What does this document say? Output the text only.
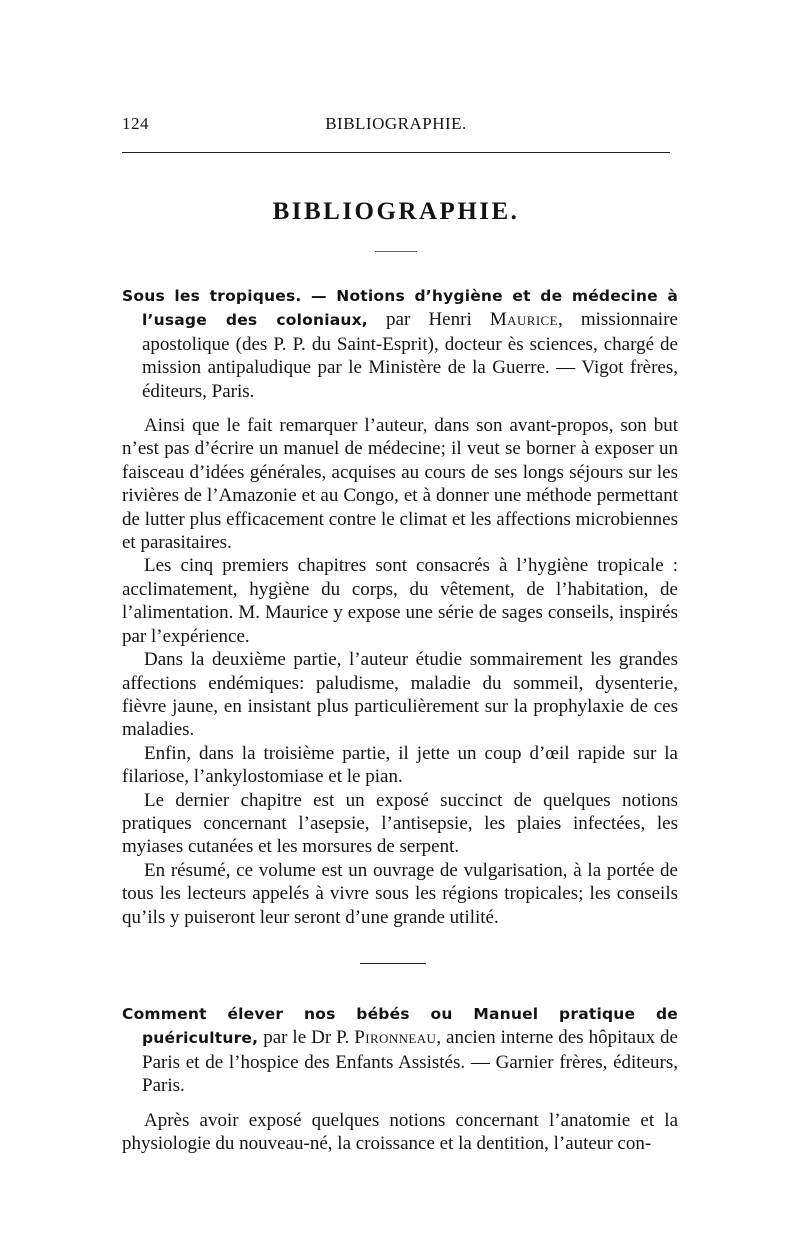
124	BIBLIOGRAPHIE.
BIBLIOGRAPHIE.

Sous les tropiques. — Notions d’hygiène et de médecine à l’usage des coloniaux, par Henri Maurice, missionnaire apostolique (des P. P. du Saint-Esprit), docteur ès sciences, chargé de mission antipaludique par le Ministère de la Guerre. — Vigot frères, éditeurs, Paris.

Ainsi que le fait remarquer l’auteur, dans son avant-propos, son but n’est pas d’écrire un manuel de médecine; il veut se borner à exposer un faisceau d’idées générales, acquises au cours de ses longs séjours sur les rivières de l’Amazonie et au Congo, et à donner une méthode permettant de lutter plus efficacement contre le climat et les affections microbiennes et parasitaires.

Les cinq premiers chapitres sont consacrés à l’hygiène tropicale : acclimatement, hygiène du corps, du vêtement, de l’habitation, de l’alimentation. M. Maurice y expose une série de sages conseils, inspirés par l’expérience.

Dans la deuxième partie, l’auteur étudie sommairement les grandes affections endémiques: paludisme, maladie du sommeil, dysenterie, fièvre jaune, en insistant plus particulièrement sur la prophylaxie de ces maladies.

Enfin, dans la troisième partie, il jette un coup d’œil rapide sur la filariose, l’ankylostomiase et le pian.

Le dernier chapitre est un exposé succinct de quelques notions pratiques concernant l’asepsie, l’antisepsie, les plaies infectées, les myiases cutanées et les morsures de serpent.

En résumé, ce volume est un ouvrage de vulgarisation, à la portée de tous les lecteurs appelés à vivre sous les régions tropicales; les conseils qu’ils y puiseront leur seront d’une grande utilité.

Comment élever nos bébés ou Manuel pratique de puériculture, par le Dr P. Pironneau, ancien interne des hôpitaux de Paris et de l’hospice des Enfants Assistés. — Garnier frères, éditeurs, Paris.

Après avoir exposé quelques notions concernant l’anatomie et la physiologie du nouveau-né, la croissance et la dentition, l’auteur con-
